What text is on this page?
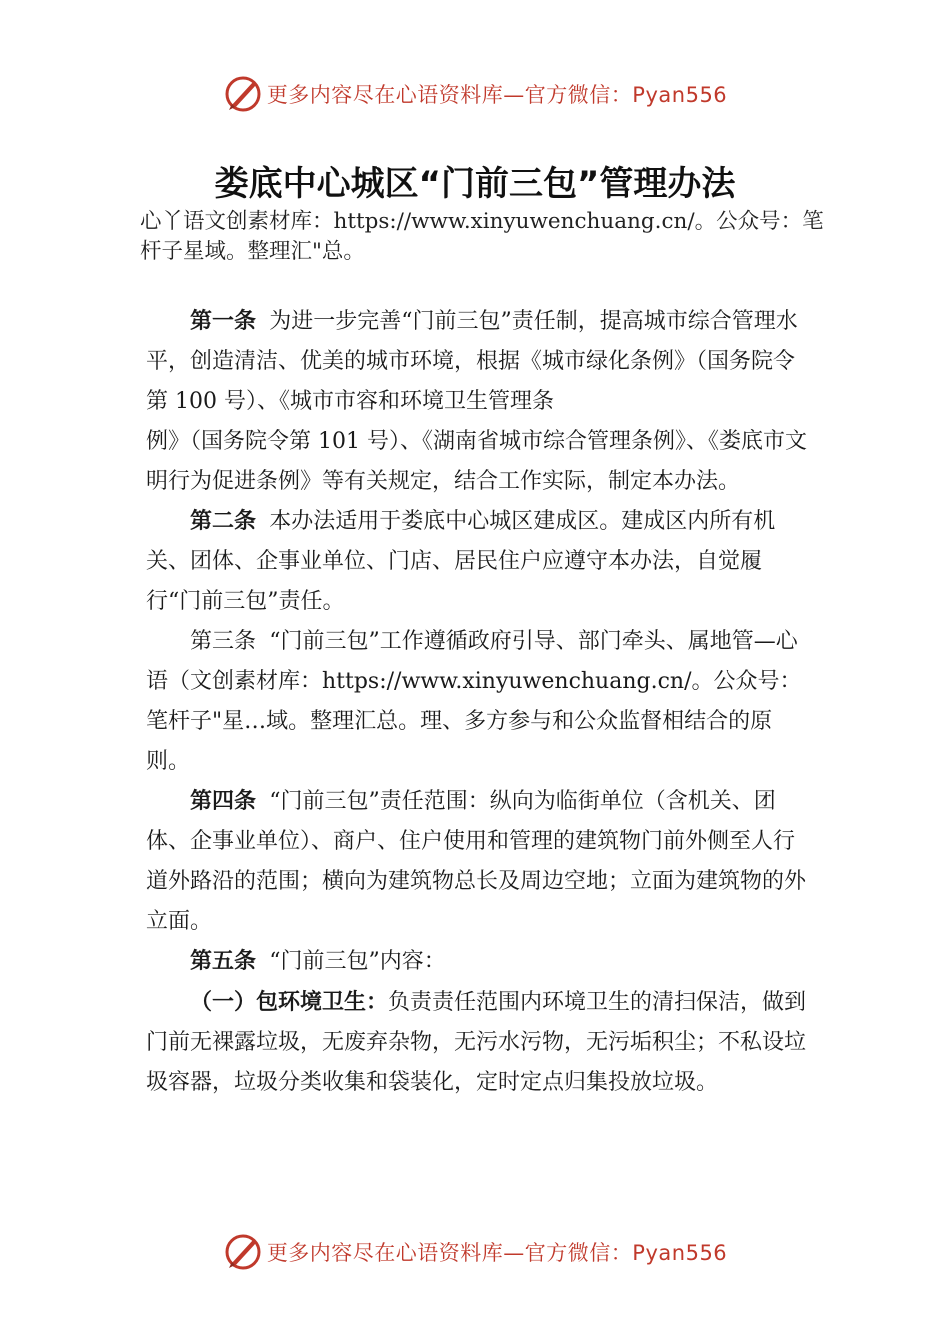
更多内容尽在心语资料库—官方微信：Pyan556
娄底中心城区“门前三包”管理办法
心丫语文创素材库：https://www.xinyuwenchuang.cn/。公众号：笔杆子星域。整理汇"总。

第一条 为进一步完善“门前三包”责任制，提高城市综合管理水平，创造清洁、优美的城市环境，根据《城市绿化条例》（国务院令第 100 号）、《城市市容和环境卫生管理条

例》（国务院令第 101 号）、《湖南省城市综合管理条例》、《娄底市文明行为促进条例》等有关规定，结合工作实际，制定本办法。

第二条 本办法适用于娄底中心城区建成区。建成区内所有机关、团体、企事业单位、门店、居民住户应遵守本办法，自觉履行“门前三包”责任。

第三条 “门前三包”工作遵循政府引导、部门牵头、属地管—心语（文创素材库：https://www.xinyuwenchuang.cn/。公众号：笔杆子"星…域。整理汇总。理、多方参与和公众监督相结合的原则。

第四条 “门前三包”责任范围：纵向为临街单位（含机关、团体、企事业单位）、商户、住户使用和管理的建筑物门前外侧至人行道外路沿的范围；横向为建筑物总长及周边空地；立面为建筑物的外立面。

第五条 “门前三包”内容：

（一）包环境卫生：负责责任范围内环境卫生的清扫保洁，做到门前无裸露垃圾，无废弃杂物，无污水污物，无污垢积尘；不私设垃圾容器，垃圾分类收集和袋装化，定时定点归集投放垃圾。

更多内容尽在心语资料库—官方微信：Pyan556
